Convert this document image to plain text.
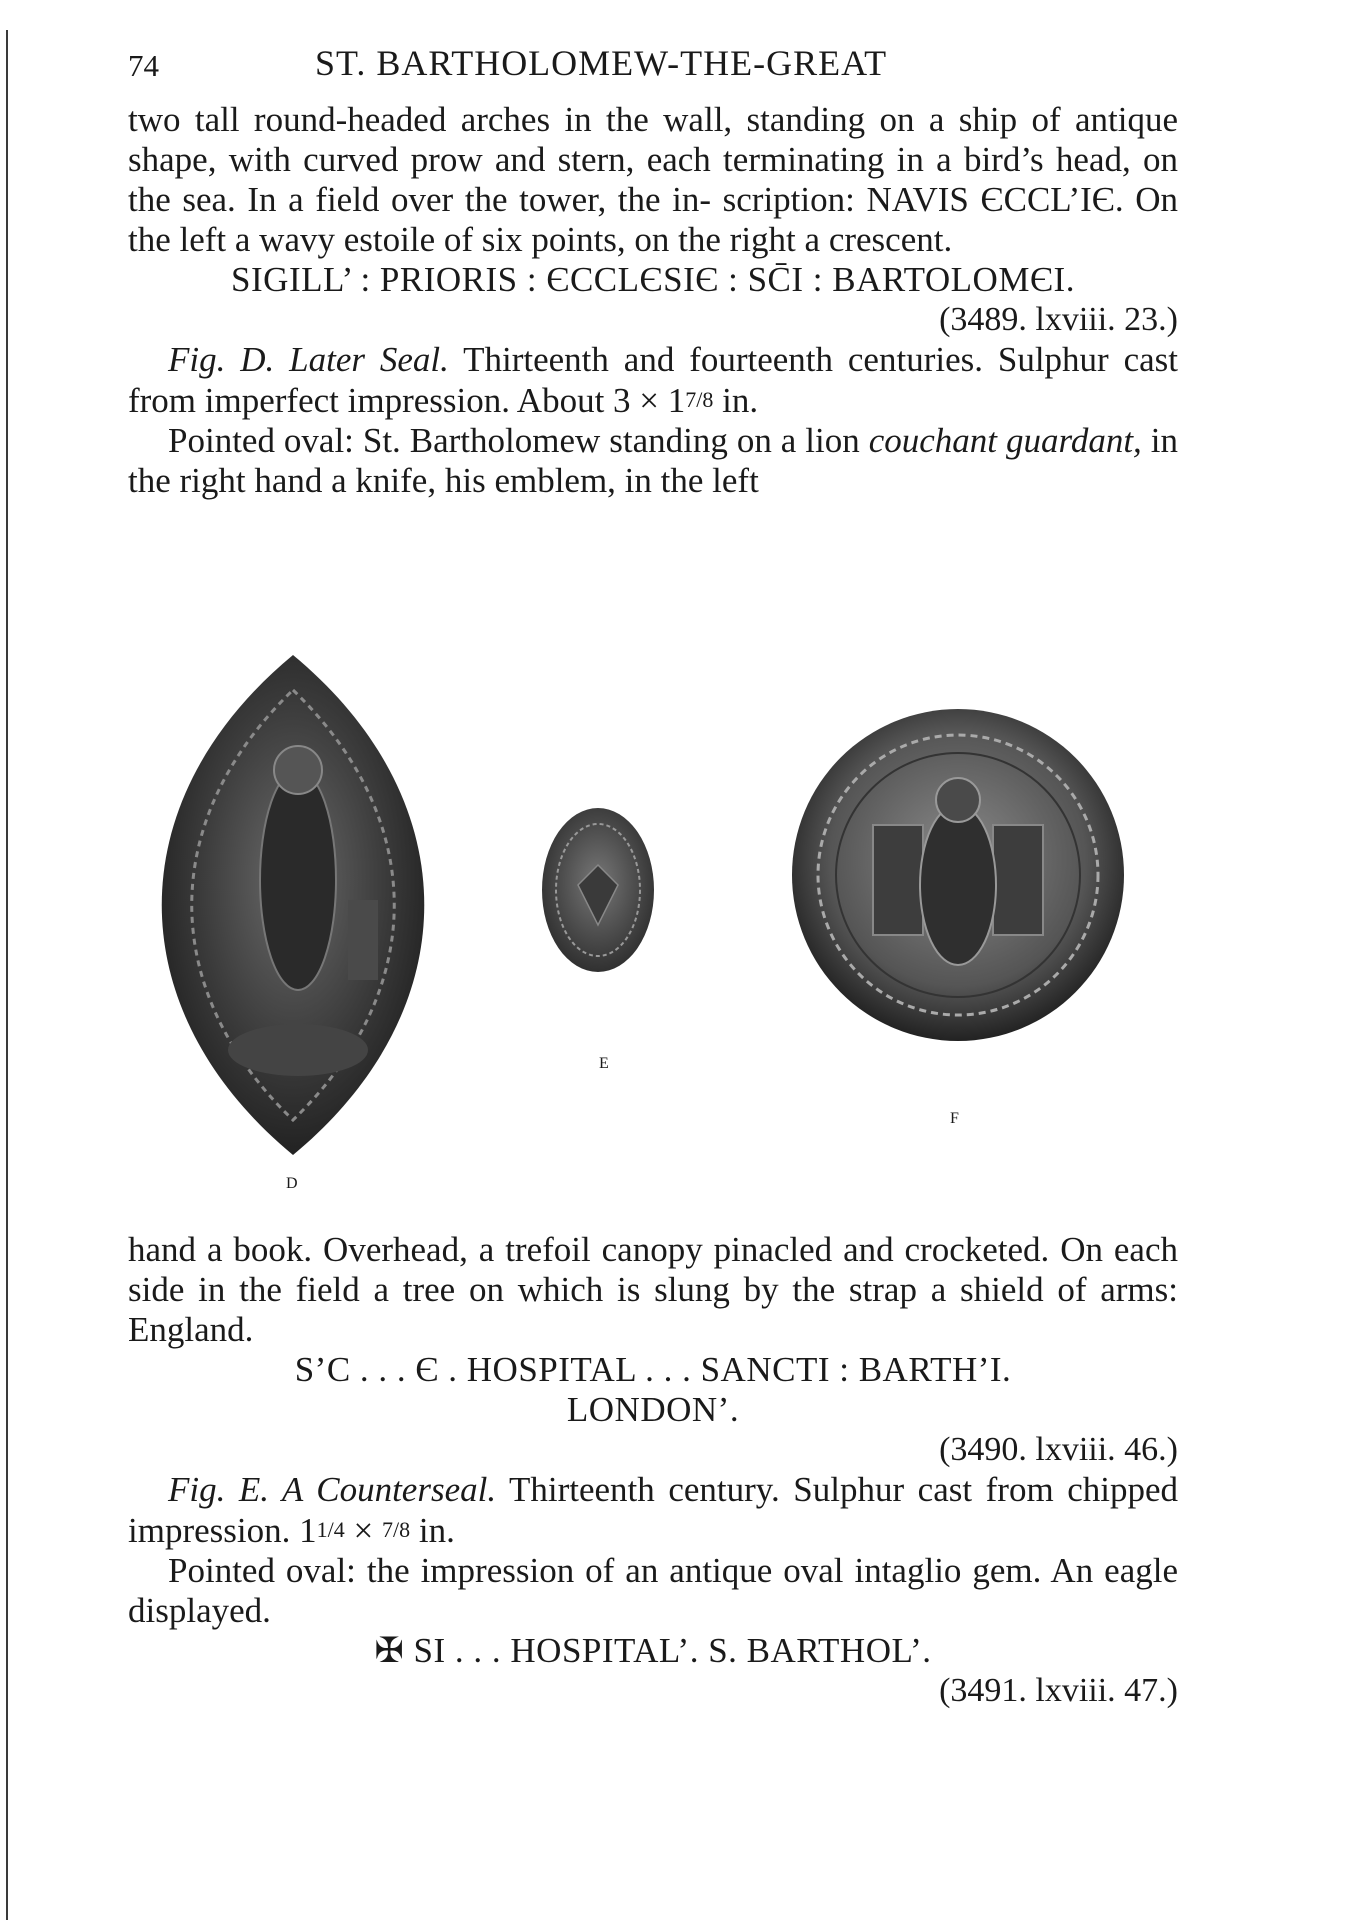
74	ST. BARTHOLOMEW-THE-GREAT

two tall round-headed arches in the wall, standing on a ship of antique shape, with curved prow and stern, each terminating in a bird’s head, on the sea. In a field over the tower, the in- scription: NAVIS ЄCCL’IЄ. On the left a wavy estoile of six points, on the right a crescent.

SIGILL’ : PRIORIS : ЄCCLЄSIЄ : SC̄I : BARTOLOMЄI.

(3489. lxviii. 23.)

Fig. D. Later Seal. Thirteenth and fourteenth centuries. Sulphur cast from imperfect impression. About 3 × 17/8 in.

Pointed oval: St. Bartholomew standing on a lion couchant guardant, in the right hand a knife, his emblem, in the left

D
E
F

hand a book. Overhead, a trefoil canopy pinacled and crocketed. On each side in the field a tree on which is slung by the strap a shield of arms: England.

S’C . . . Є . HOSPITAL . . . SANCTI : BARTH’I.

LONDON’.

(3490. lxviii. 46.)

Fig. E. A Counterseal. Thirteenth century. Sulphur cast from chipped impression. 11/4 × 7/8 in.

Pointed oval: the impression of an antique oval intaglio gem. An eagle displayed.

✠ SI . . . HOSPITAL’. S. BARTHOL’.

(3491. lxviii. 47.)
